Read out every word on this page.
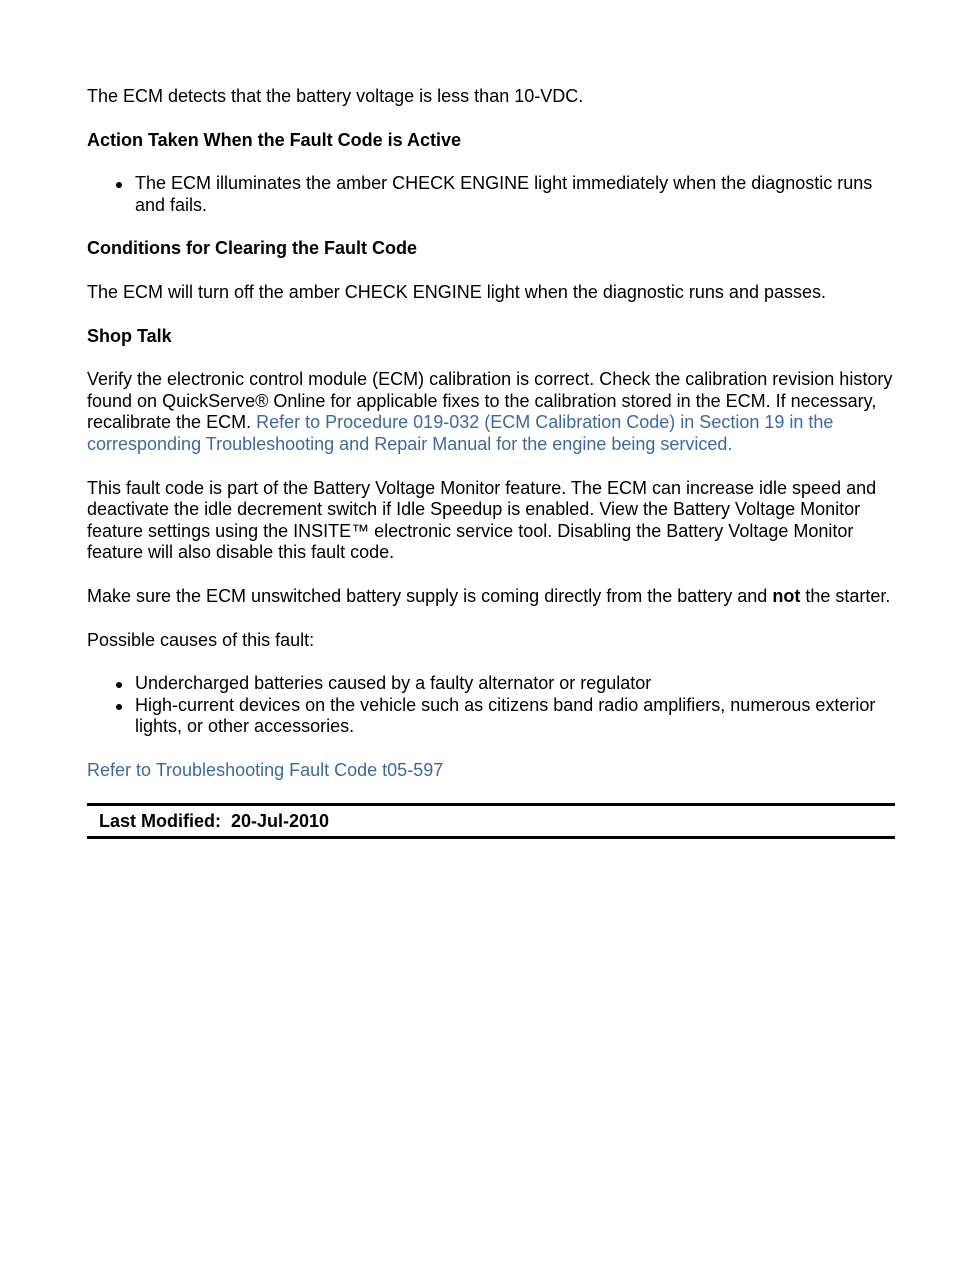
The ECM detects that the battery voltage is less than 10-VDC.

Action Taken When the Fault Code is Active

The ECM illuminates the amber CHECK ENGINE light immediately when the diagnostic runs and fails.

Conditions for Clearing the Fault Code

The ECM will turn off the amber CHECK ENGINE light when the diagnostic runs and passes.

Shop Talk

Verify the electronic control module (ECM) calibration is correct. Check the calibration revision history found on QuickServe® Online for applicable fixes to the calibration stored in the ECM. If necessary, recalibrate the ECM. Refer to Procedure 019-032 (ECM Calibration Code) in Section 19 in the corresponding Troubleshooting and Repair Manual for the engine being serviced.

This fault code is part of the Battery Voltage Monitor feature. The ECM can increase idle speed and deactivate the idle decrement switch if Idle Speedup is enabled. View the Battery Voltage Monitor feature settings using the INSITE™ electronic service tool. Disabling the Battery Voltage Monitor feature will also disable this fault code.

Make sure the ECM unswitched battery supply is coming directly from the battery and not the starter.

Possible causes of this fault:

Undercharged batteries caused by a faulty alternator or regulator
High-current devices on the vehicle such as citizens band radio amplifiers, numerous exterior lights, or other accessories.

Refer to Troubleshooting Fault Code t05-597

Last Modified: 20-Jul-2010
